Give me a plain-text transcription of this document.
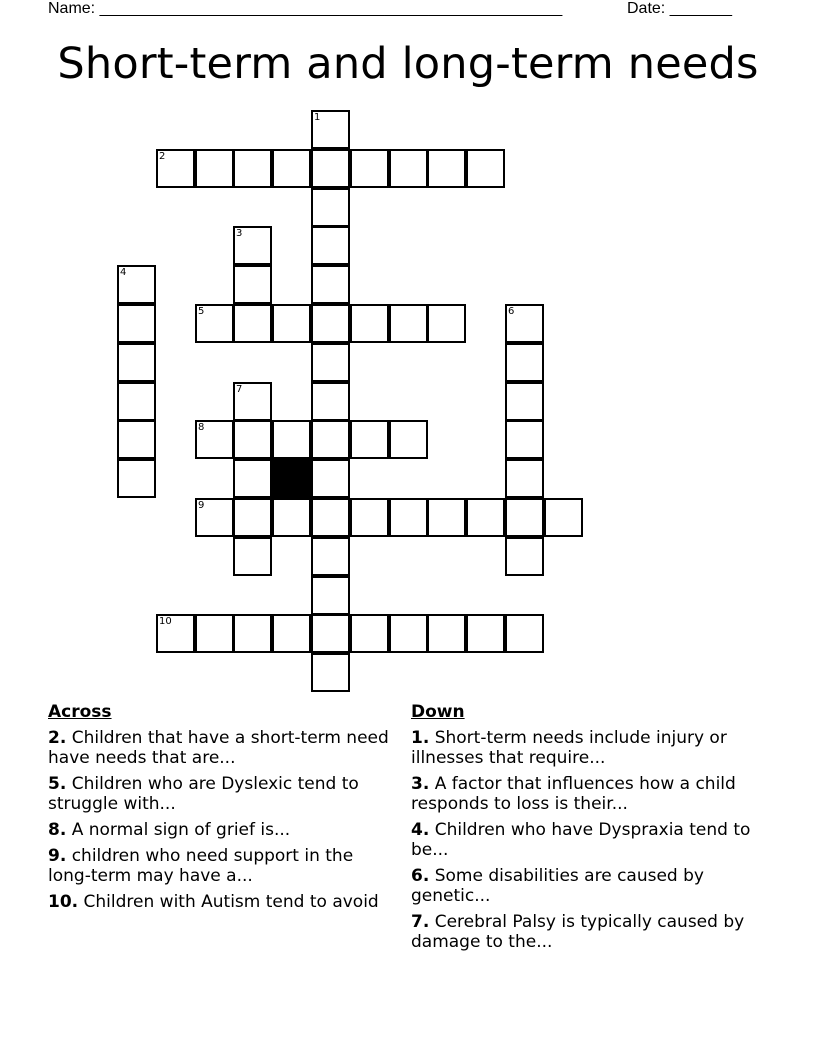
Name: ____________________________________________________	Date: _______
Short-term and long-term needs
1
2
3
4
5	6
7
8
9
10
Across
2. Children that have a short-term need have needs that are...
5. Children who are Dyslexic tend to struggle with...
8. A normal sign of grief is...
9. children who need support in the long-term may have a...
10. Children with Autism tend to avoid
Down
1. Short-term needs include injury or illnesses that require...
3. A factor that influences how a child responds to loss is their...
4. Children who have Dyspraxia tend to be...
6. Some disabilities are caused by genetic...
7. Cerebral Palsy is typically caused by damage to the...
